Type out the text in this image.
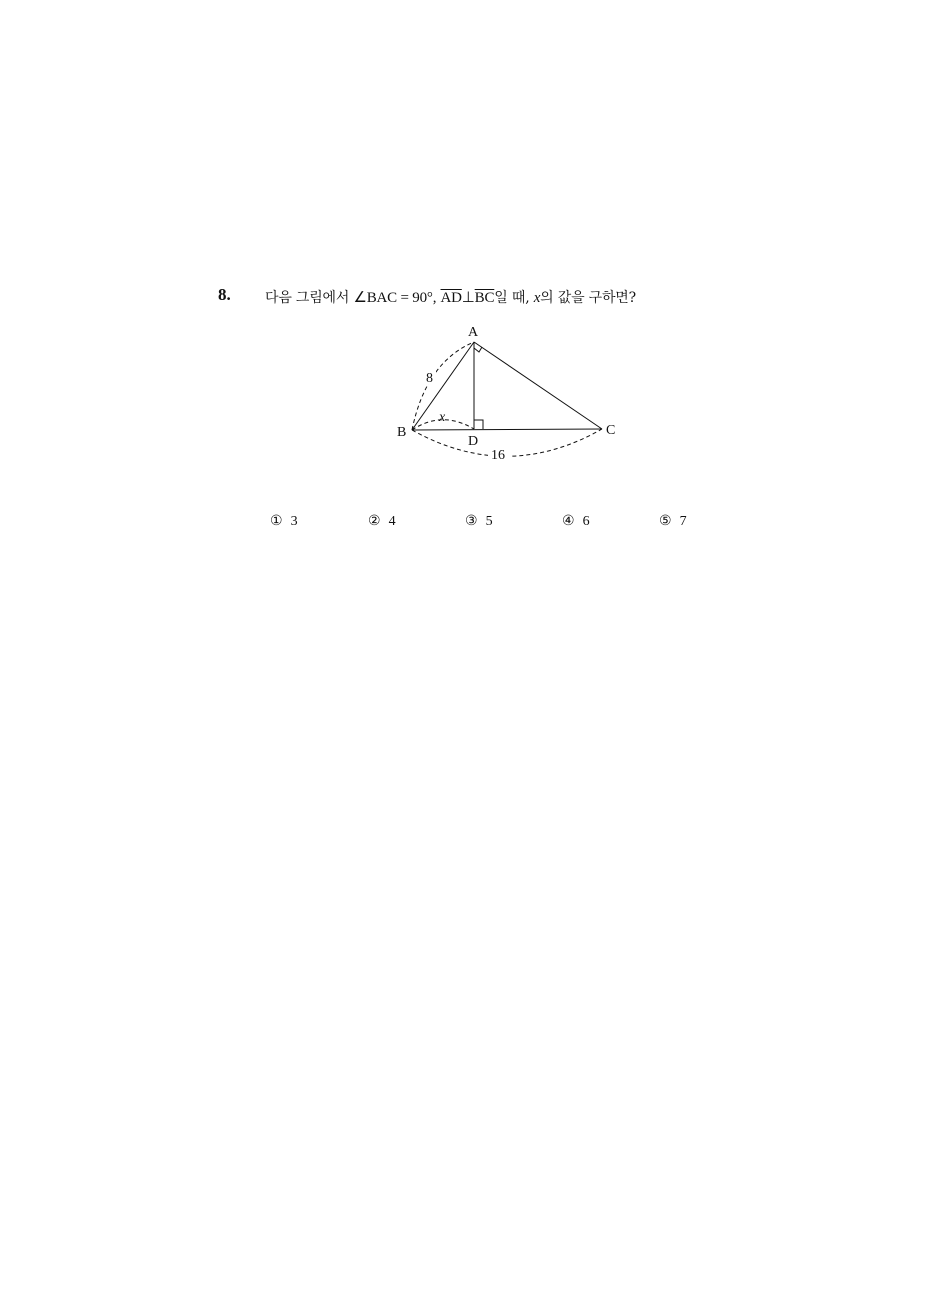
8. 다음 그림에서 ∠BAC = 90°, $\overline{AD}\perp\overline{BC}$일 때, x의 값을 구하면?
A
B	C
D
8
x
16
① 3	② 4	③ 5	④ 6	⑤ 7
